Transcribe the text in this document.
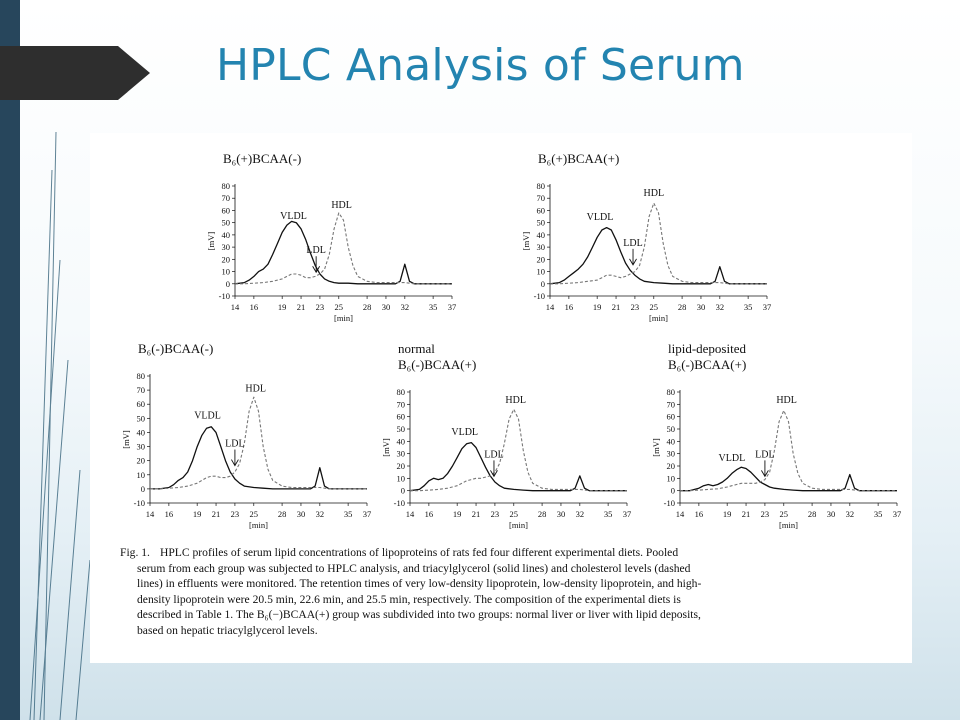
HPLC Analysis of Serum
B₆(+)BCAA(-)
-10
0
10
20
30
40
50
60
70
80
14 16 19 21 23 25 28 30 32 35 37
[min]
[mV]
VLDL
LDL
HDL
B₆(+)BCAA(+)
-10
0
10
20
30
40
50
60
70
80
14 16 19 21 23 25 28 30 32 35 37
[min]
[mV]
VLDL
LDL
HDL
B₆(-)BCAA(-)
-10
0
10
20
30
40
50
60
70
80
14 16 19 21 23 25 28 30 32 35 37
[min]
[mV]
VLDL
LDL
HDL
normal
B₆(-)BCAA(+)
-10
0
10
20
30
40
50
60
70
80
14 16 19 21 23 25 28 30 32 35 37
[min]
[mV]
VLDL
LDL
HDL
lipid-deposited
B₆(-)BCAA(+)
-10
0
10
20
30
40
50
60
70
80
14 16 19 21 23 25 28 30 32 35 37
[min]
[mV]
VLDL LDL
HDL

Fig. 1. HPLC profiles of serum lipid concentrations of lipoproteins of rats fed four different experimental diets. Pooled

serum from each group was subjected to HPLC analysis, and triacylglycerol (solid lines) and cholesterol levels (dashed

lines) in effluents were monitored. The retention times of very low-density lipoprotein, low-density lipoprotein, and high-

density lipoprotein were 20.5 min, 22.6 min, and 25.5 min, respectively. The composition of the experimental diets is

described in Table 1. The B₆(−)BCAA(+) group was subdivided into two groups: normal liver or liver with lipid deposits,

based on hepatic triacylglycerol levels.
